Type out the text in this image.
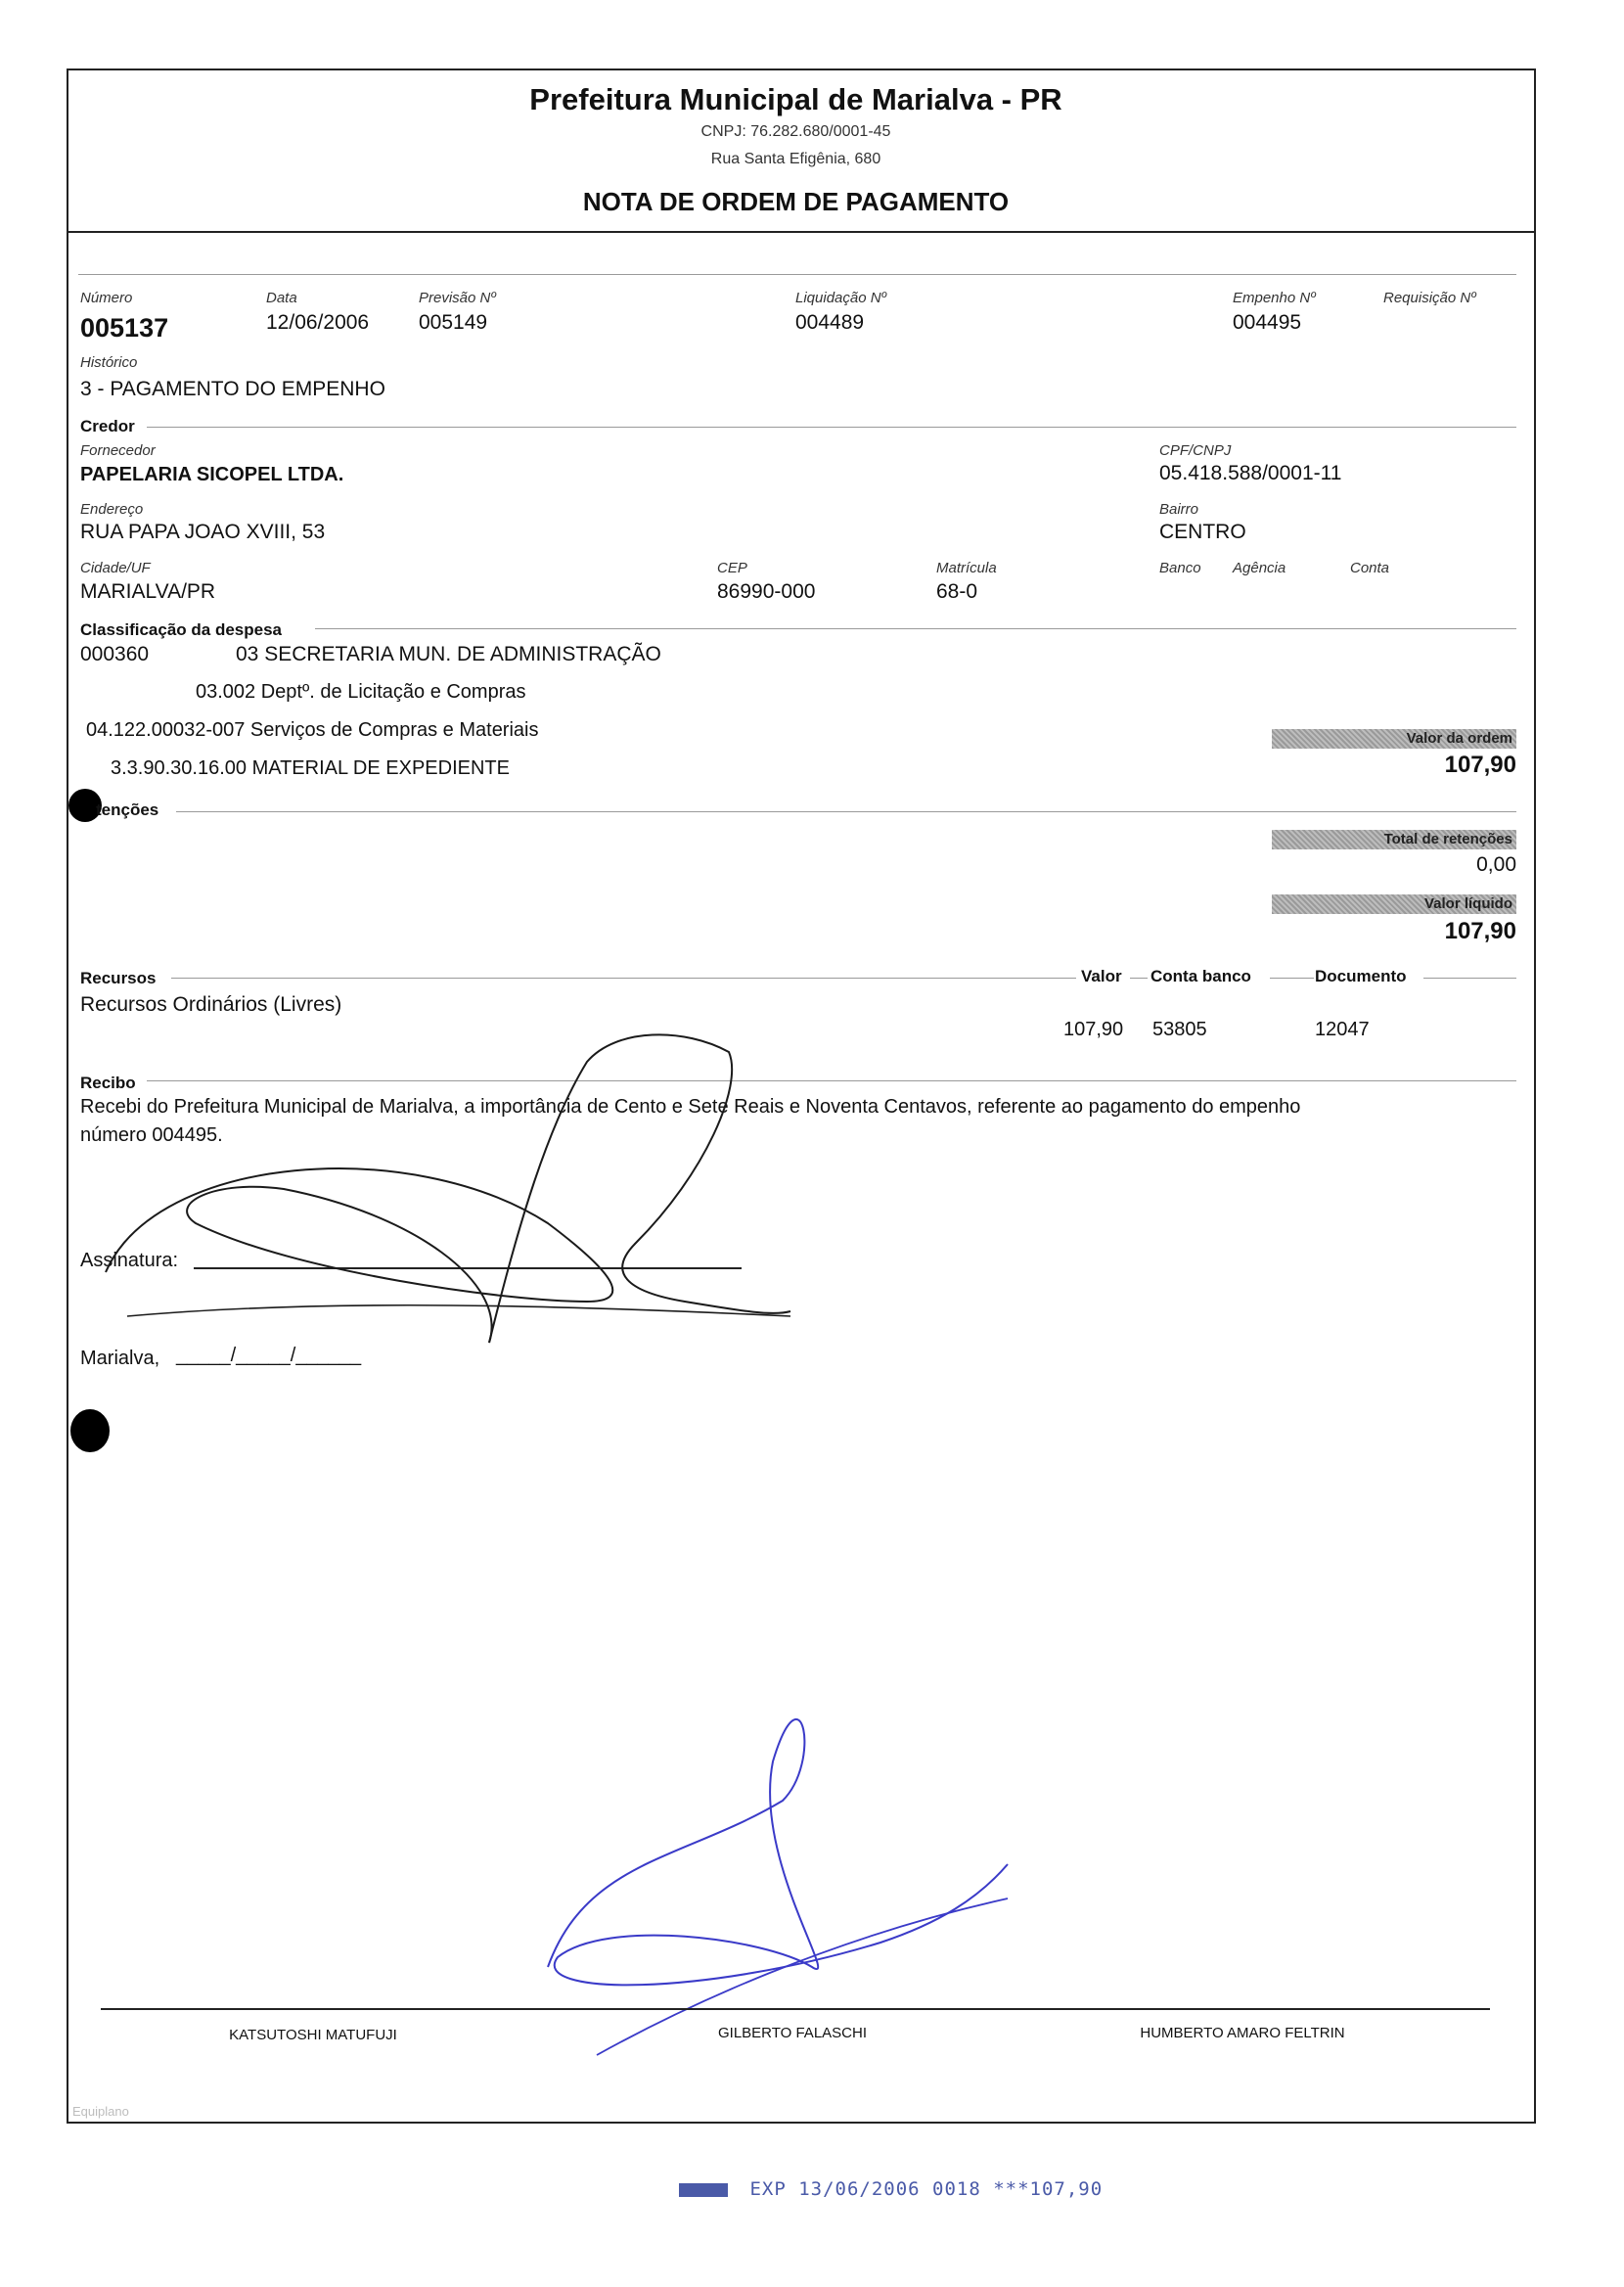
Prefeitura Municipal de Marialva - PR
CNPJ: 76.282.680/0001-45
Rua Santa Efigênia, 680
NOTA DE ORDEM DE PAGAMENTO
Número
005137
Data
12/06/2006
Previsão Nº
005149
Liquidação Nº
004489
Empenho Nº
004495
Requisição Nº
Histórico
3 - PAGAMENTO DO EMPENHO
Credor
Fornecedor
PAPELARIA SICOPEL LTDA.
CPF/CNPJ
05.418.588/0001-11
Endereço
RUA PAPA JOAO XVIII, 53
Bairro
CENTRO
Cidade/UF
MARIALVA/PR
CEP
86990-000
Matrícula
68-0
Banco Agência	Conta
Classificação da despesa
000360	03 SECRETARIA MUN. DE ADMINISTRAÇÃO
03.002 Deptº. de Licitação e Compras
04.122.00032-007 Serviços de Compras e Materiais
3.3.90.30.16.00 MATERIAL DE EXPEDIENTE
Valor da ordem
107,90
tenções
Total de retenções
0,00
Valor líquido
107,90
Recursos	Valor Conta banco	Documento
Recursos Ordinários (Livres)
107,90 53805	12047
Recibo
Recebi do Prefeitura Municipal de Marialva, a importância de Cento e Sete Reais e Noventa Centavos, referente ao pagamento do empenho
número 004495.
Assinatura:
Marialva, _____/_____/______
KATSUTOSHI MATUFUJI	GILBERTO FALASCHI	HUMBERTO AMARO FELTRIN
Equiplano
EXP 13/06/2006 0018 ***107,90
